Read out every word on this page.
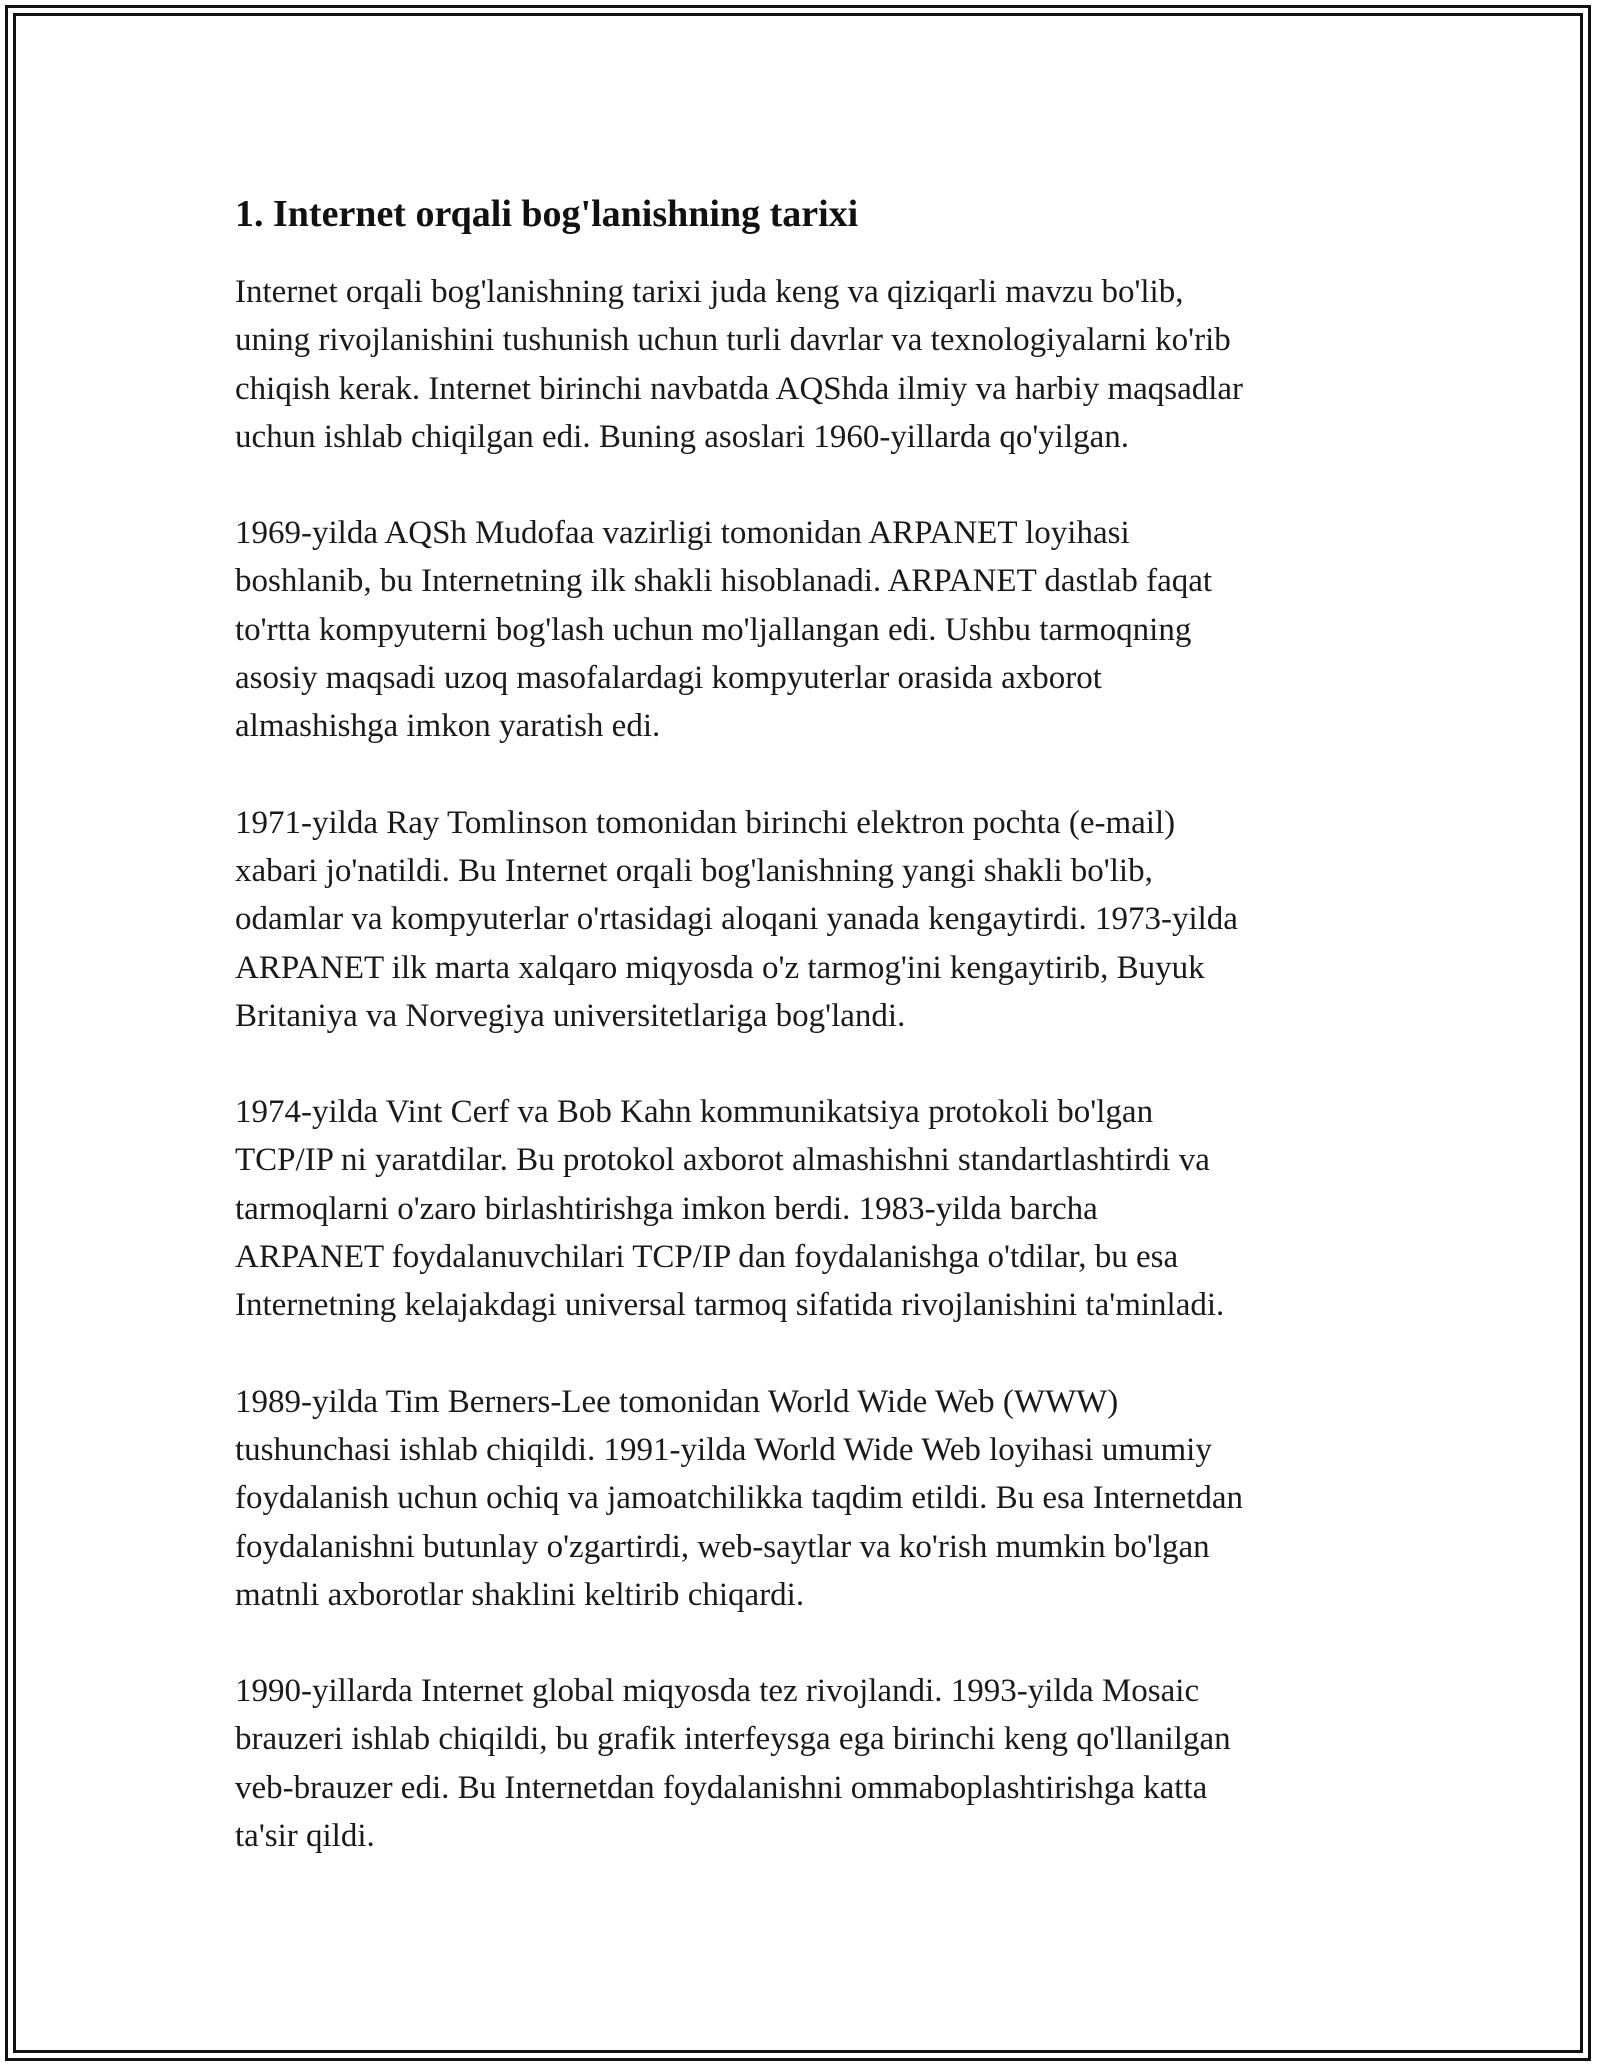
1. Internet orqali bog'lanishning tarixi

Internet orqali bog'lanishning tarixi juda keng va qiziqarli mavzu bo'lib,
uning rivojlanishini tushunish uchun turli davrlar va texnologiyalarni ko'rib
chiqish kerak. Internet birinchi navbatda AQShda ilmiy va harbiy maqsadlar
uchun ishlab chiqilgan edi. Buning asoslari 1960-yillarda qo'yilgan.

1969-yilda AQSh Mudofaa vazirligi tomonidan ARPANET loyihasi
boshlanib, bu Internetning ilk shakli hisoblanadi. ARPANET dastlab faqat
to'rtta kompyuterni bog'lash uchun mo'ljallangan edi. Ushbu tarmoqning
asosiy maqsadi uzoq masofalardagi kompyuterlar orasida axborot
almashishga imkon yaratish edi.

1971-yilda Ray Tomlinson tomonidan birinchi elektron pochta (e-mail)
xabari jo'natildi. Bu Internet orqali bog'lanishning yangi shakli bo'lib,
odamlar va kompyuterlar o'rtasidagi aloqani yanada kengaytirdi. 1973-yilda
ARPANET ilk marta xalqaro miqyosda o'z tarmog'ini kengaytirib, Buyuk
Britaniya va Norvegiya universitetlariga bog'landi.

1974-yilda Vint Cerf va Bob Kahn kommunikatsiya protokoli bo'lgan
TCP/IP ni yaratdilar. Bu protokol axborot almashishni standartlashtirdi va
tarmoqlarni o'zaro birlashtirishga imkon berdi. 1983-yilda barcha
ARPANET foydalanuvchilari TCP/IP dan foydalanishga o'tdilar, bu esa
Internetning kelajakdagi universal tarmoq sifatida rivojlanishini ta'minladi.

1989-yilda Tim Berners-Lee tomonidan World Wide Web (WWW)
tushunchasi ishlab chiqildi. 1991-yilda World Wide Web loyihasi umumiy
foydalanish uchun ochiq va jamoatchilikka taqdim etildi. Bu esa Internetdan
foydalanishni butunlay o'zgartirdi, web-saytlar va ko'rish mumkin bo'lgan
matnli axborotlar shaklini keltirib chiqardi.

1990-yillarda Internet global miqyosda tez rivojlandi. 1993-yilda Mosaic
brauzeri ishlab chiqildi, bu grafik interfeysga ega birinchi keng qo'llanilgan
veb-brauzer edi. Bu Internetdan foydalanishni ommaboplashtirishga katta
ta'sir qildi.
